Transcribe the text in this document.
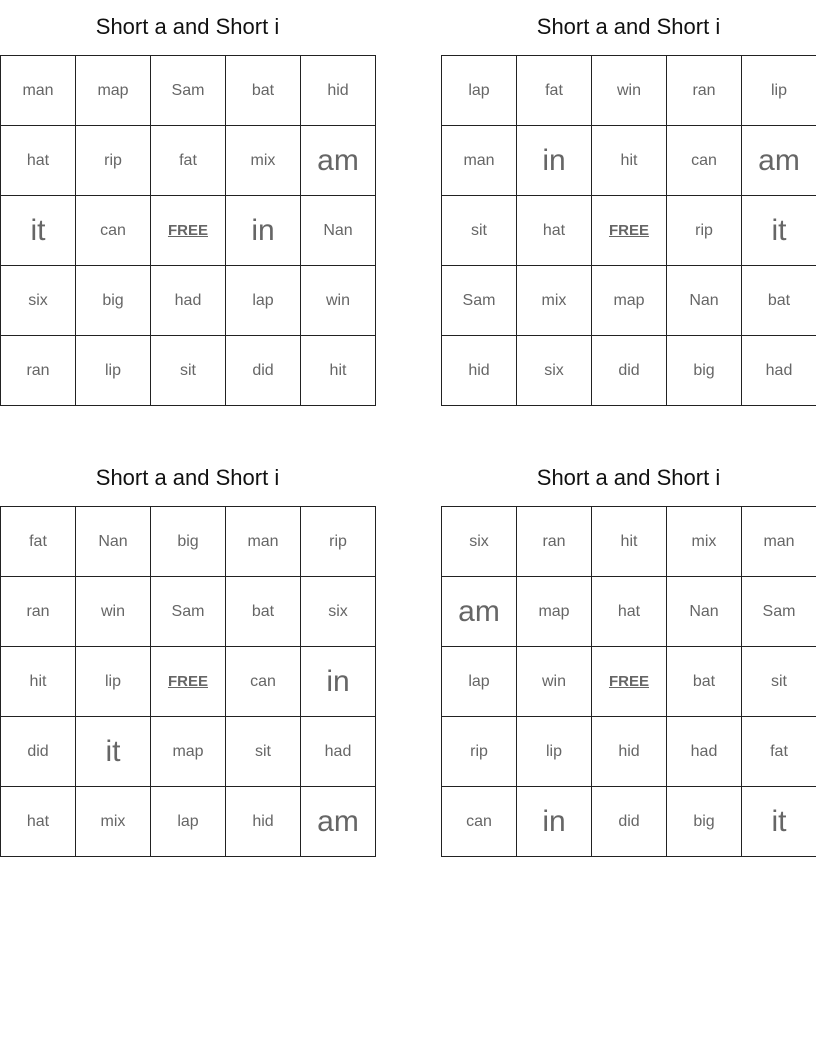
Short a and Short i
man	map	Sam	bat	hid
hat	rip	fat	mix	am
it	can	FREE	in	Nan
six	big	had	lap	win
ran	lip	sit	did	hit
Short a and Short i
lap	fat	win	ran	lip
man	in	hit	can	am
sit	hat	FREE	rip	it
Sam	mix	map	Nan	bat
hid	six	did	big	had
Short a and Short i
fat	Nan	big	man	rip
ran	win	Sam	bat	six
hit	lip	FREE	can	in
did	it	map	sit	had
hat	mix	lap	hid	am
Short a and Short i
six	ran	hit	mix	man
am	map	hat	Nan	Sam
lap	win	FREE	bat	sit
rip	lip	hid	had	fat
can	in	did	big	it
